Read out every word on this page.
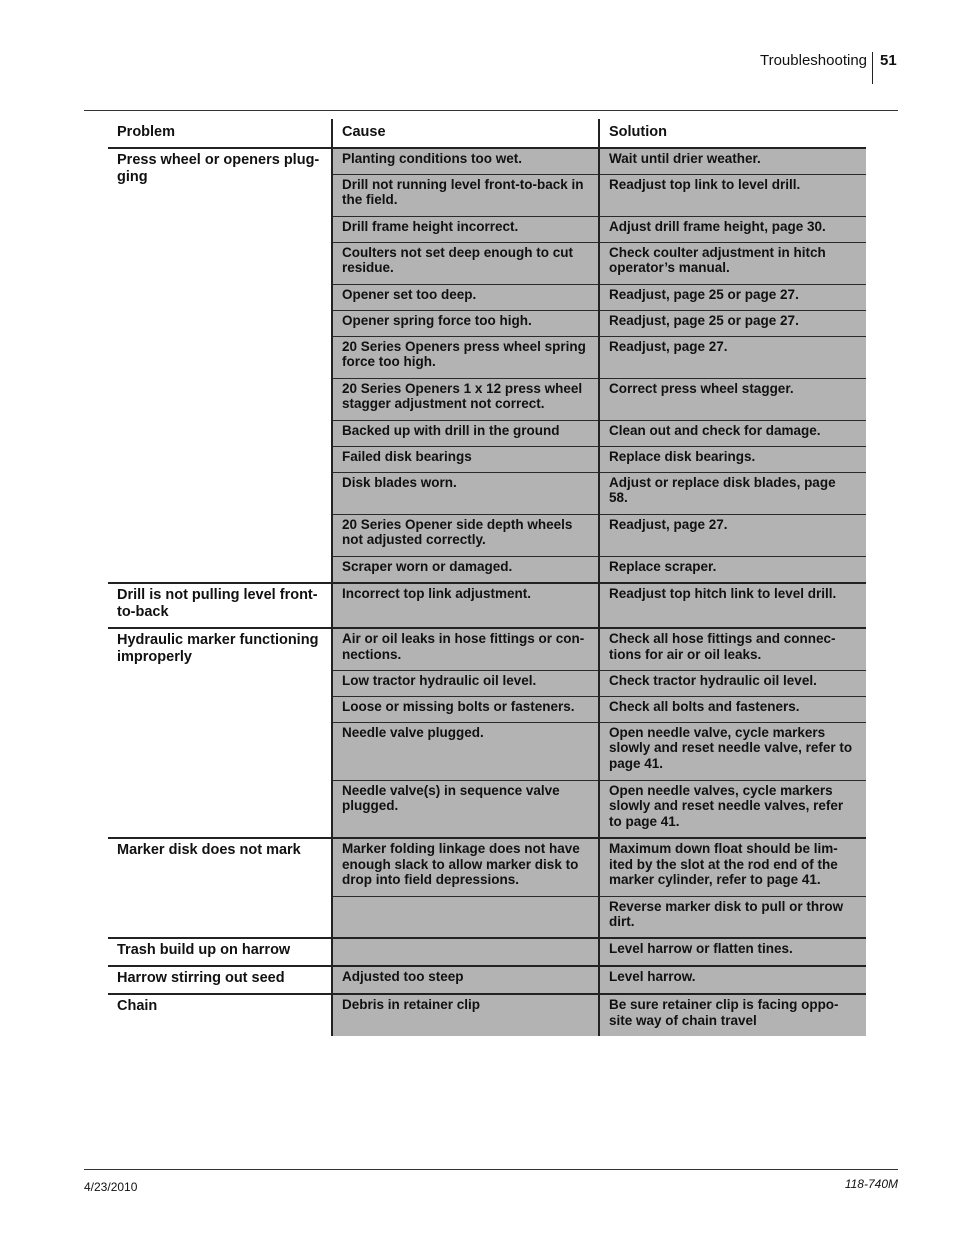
Troubleshooting 51
Problem	Cause	Solution
Press wheel or openers plug-ging	Planting conditions too wet.	Wait until drier weather.
	Drill not running level front-to-back in the field.	Readjust top link to level drill.
	Drill frame height incorrect.	Adjust drill frame height, page 30.
	Coulters not set deep enough to cut residue.	Check coulter adjustment in hitch operator’s manual.
	Opener set too deep.	Readjust, page 25 or page 27.
	Opener spring force too high.	Readjust, page 25 or page 27.
	20 Series Openers press wheel spring force too high.	Readjust, page 27.
	20 Series Openers 1 x 12 press wheel stagger adjustment not correct.	Correct press wheel stagger.
	Backed up with drill in the ground	Clean out and check for damage.
	Failed disk bearings	Replace disk bearings.
	Disk blades worn.	Adjust or replace disk blades, page 58.
	20 Series Opener side depth wheels not adjusted correctly.	Readjust, page 27.
	Scraper worn or damaged.	Replace scraper.
Drill is not pulling level front-to-back	Incorrect top link adjustment.	Readjust top hitch link to level drill.
Hydraulic marker functioning improperly	Air or oil leaks in hose fittings or con-nections.	Check all hose fittings and connec-tions for air or oil leaks.
	Low tractor hydraulic oil level.	Check tractor hydraulic oil level.
	Loose or missing bolts or fasteners.	Check all bolts and fasteners.
	Needle valve plugged.	Open needle valve, cycle markers slowly and reset needle valve, refer to page 41.
	Needle valve(s) in sequence valve plugged.	Open needle valves, cycle markers slowly and reset needle valves, refer to page 41.
Marker disk does not mark	Marker folding linkage does not have enough slack to allow marker disk to drop into field depressions.	Maximum down float should be lim-ited by the slot at the rod end of the marker cylinder, refer to page 41.
		Reverse marker disk to pull or throw dirt.
Trash build up on harrow		Level harrow or flatten tines.
Harrow stirring out seed	Adjusted too steep	Level harrow.
Chain	Debris in retainer clip	Be sure retainer clip is facing oppo-site way of chain travel
4/23/2010	118-740M
